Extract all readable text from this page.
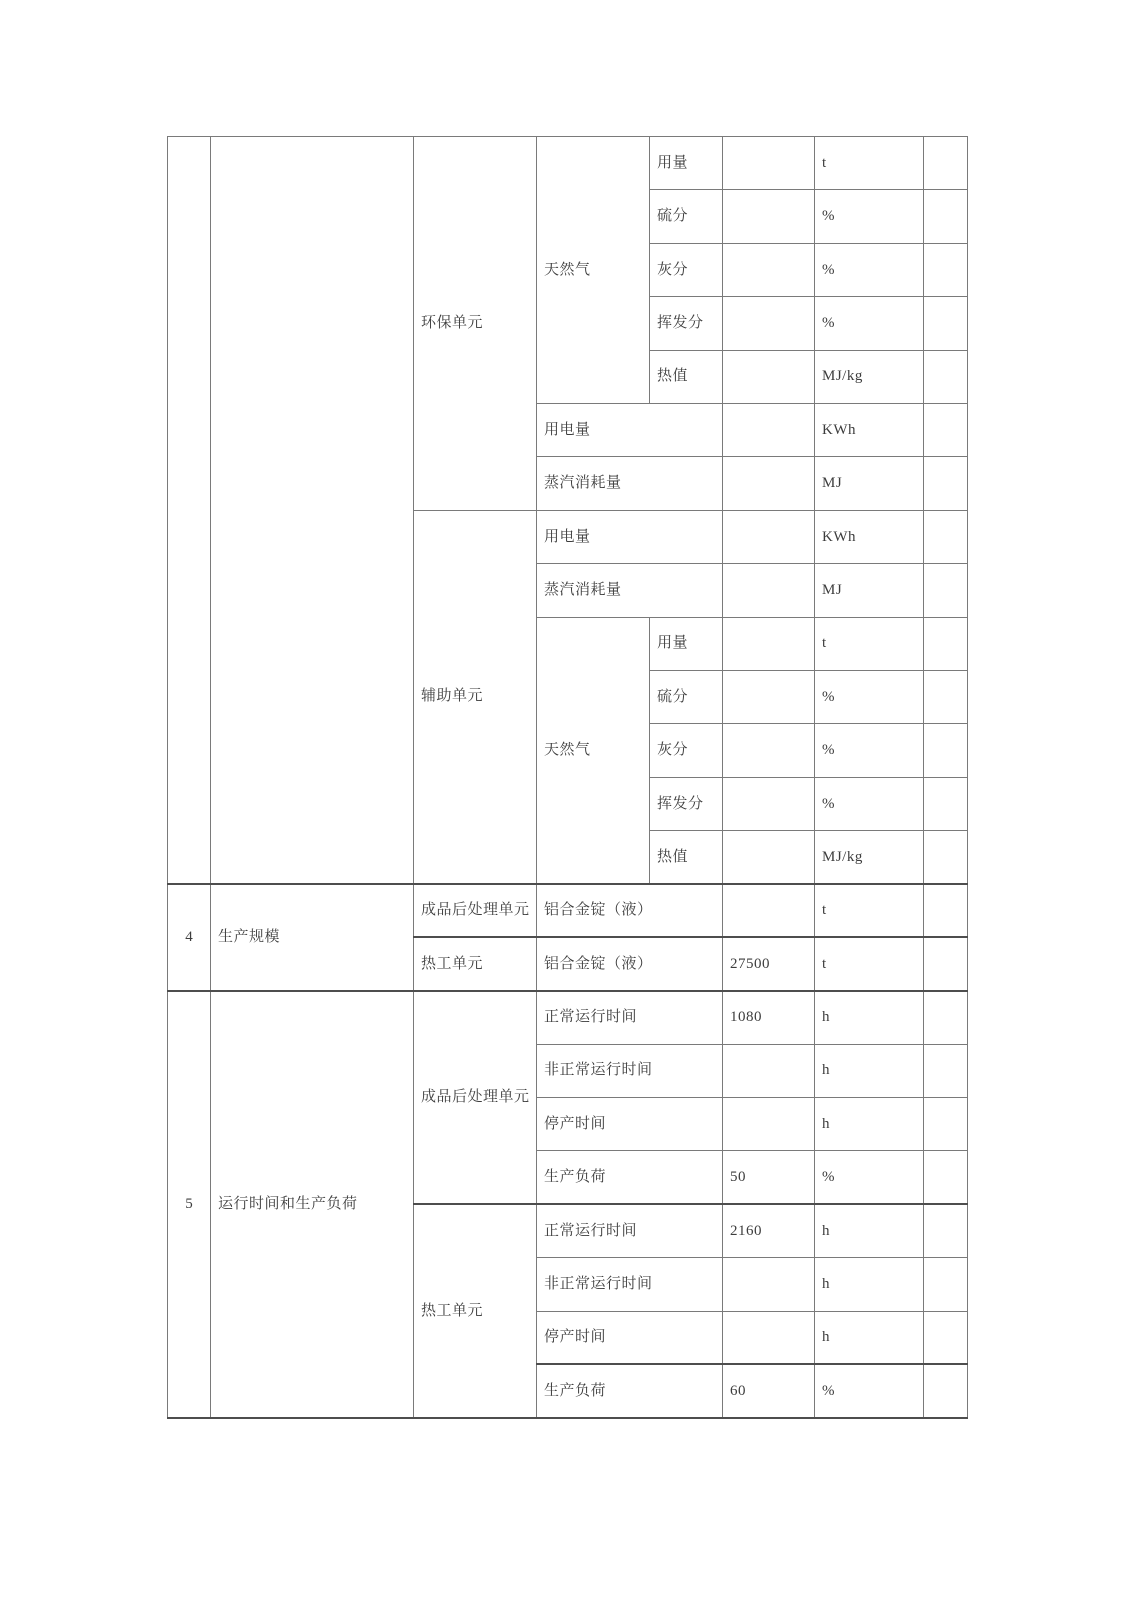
		环保单元	天然气	用量		t	
				硫分		%	
				灰分		%	
				挥发分		%	
				热值		MJ/kg	
			用电量			KWh	
			蒸汽消耗量			MJ	
		辅助单元	用电量			KWh	
			蒸汽消耗量			MJ	
			天然气	用量		t	
				硫分		%	
				灰分		%	
				挥发分		%	
				热值		MJ/kg	
4	生产规模	成品后处理单元	铝合金锭（液）			t	
		热工单元	铝合金锭（液）		27500	t	
5	运行时间和生产负荷	成品后处理单元	正常运行时间		1080	h	
			非正常运行时间			h	
			停产时间			h	
			生产负荷		50	%	
		热工单元	正常运行时间		2160	h	
			非正常运行时间			h	
			停产时间			h	
			生产负荷		60	%	
